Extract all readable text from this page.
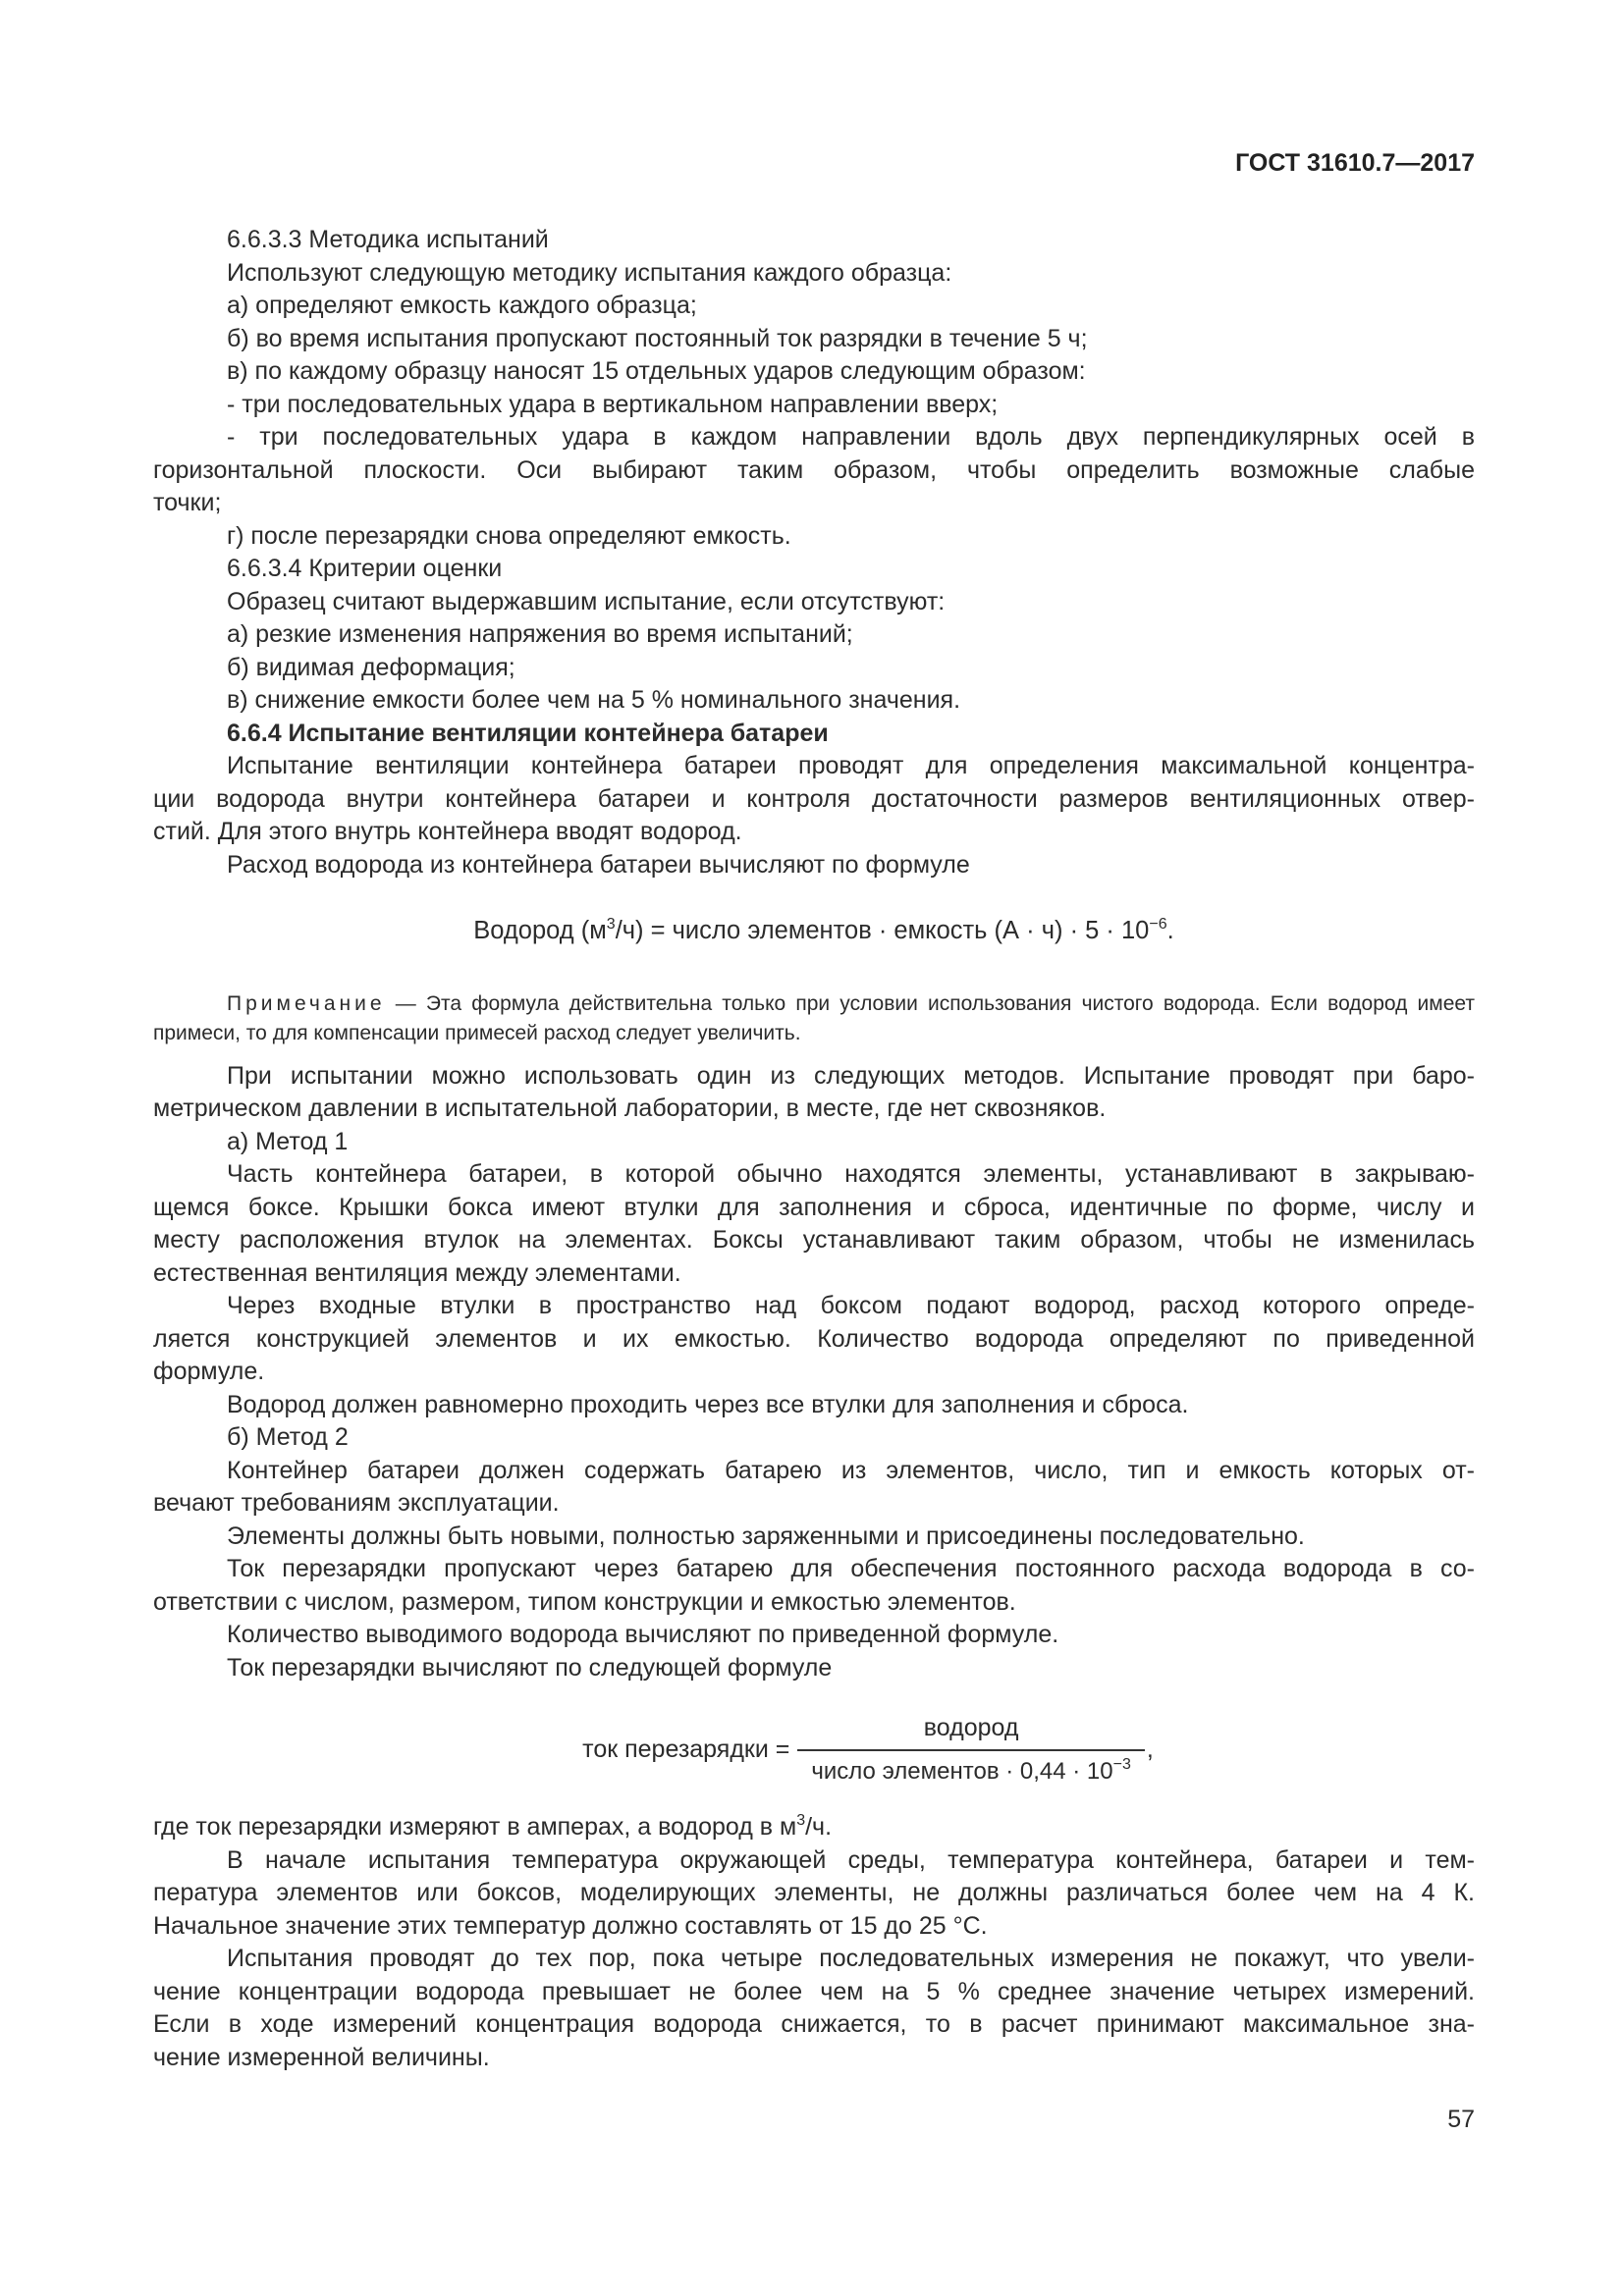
ГОСТ 31610.7—2017

6.6.3.3 Методика испытаний

Используют следующую методику испытания каждого образца:

а) определяют емкость каждого образца;

б) во время испытания пропускают постоянный ток разрядки в течение 5 ч;

в) по каждому образцу наносят 15 отдельных ударов следующим образом:

- три последовательных удара в вертикальном направлении вверх;

- три последовательных удара в каждом направлении вдоль двух перпендикулярных осей в

горизонтальной плоскости. Оси выбирают таким образом, чтобы определить возможные слабые

точки;

г) после перезарядки снова определяют емкость.

6.6.3.4 Критерии оценки

Образец считают выдержавшим испытание, если отсутствуют:

а) резкие изменения напряжения во время испытаний;

б) видимая деформация;

в) снижение емкости более чем на 5 % номинального значения.

6.6.4 Испытание вентиляции контейнера батареи

Испытание вентиляции контейнера батареи проводят для определения максимальной концентра-

ции водорода внутри контейнера батареи и контроля достаточности размеров вентиляционных отвер-

стий. Для этого внутрь контейнера вводят водород.

Расход водорода из контейнера батареи вычисляют по формуле

Водород $(м^3/ч)$ = число элементов · емкость $(А \cdot ч) \cdot 5 \cdot 10^{-6}$.

Примечание — Эта формула действительна только при условии использования чистого водорода. Если водород имеет примеси, то для компенсации примесей расход следует увеличить.

При испытании можно использовать один из следующих методов. Испытание проводят при баро-

метрическом давлении в испытательной лаборатории, в месте, где нет сквозняков.

а) Метод 1

Часть контейнера батареи, в которой обычно находятся элементы, устанавливают в закрываю-

щемся боксе. Крышки бокса имеют втулки для заполнения и сброса, идентичные по форме, числу и

месту расположения втулок на элементах. Боксы устанавливают таким образом, чтобы не изменилась

естественная вентиляция между элементами.

Через входные втулки в пространство над боксом подают водород, расход которого опреде-

ляется конструкцией элементов и их емкостью. Количество водорода определяют по приведенной

формуле.

Водород должен равномерно проходить через все втулки для заполнения и сброса.

б) Метод 2

Контейнер батареи должен содержать батарею из элементов, число, тип и емкость которых от-

вечают требованиям эксплуатации.

Элементы должны быть новыми, полностью заряженными и присоединены последовательно.

Ток перезарядки пропускают через батарею для обеспечения постоянного расхода водорода в со-

ответствии с числом, размером, типом конструкции и емкостью элементов.

Количество выводимого водорода вычисляют по приведенной формуле.

Ток перезарядки вычисляют по следующей формуле

ток перезарядки = $\frac{\text{водород}}{число элементов \cdot 0,44 \cdot 10^{-3}}$ ,

где ток перезарядки измеряют в амперах, а водород в $м^3/ч$.

В начале испытания температура окружающей среды, температура контейнера, батареи и тем-

пература элементов или боксов, моделирующих элементы, не должны различаться более чем на 4 К.

Начальное значение этих температур должно составлять от 15 до 25 °С.

Испытания проводят до тех пор, пока четыре последовательных измерения не покажут, что увели-

чение концентрации водорода превышает не более чем на 5 % среднее значение четырех измерений.

Если в ходе измерений концентрация водорода снижается, то в расчет принимают максимальное зна-

чение измеренной величины.

57
